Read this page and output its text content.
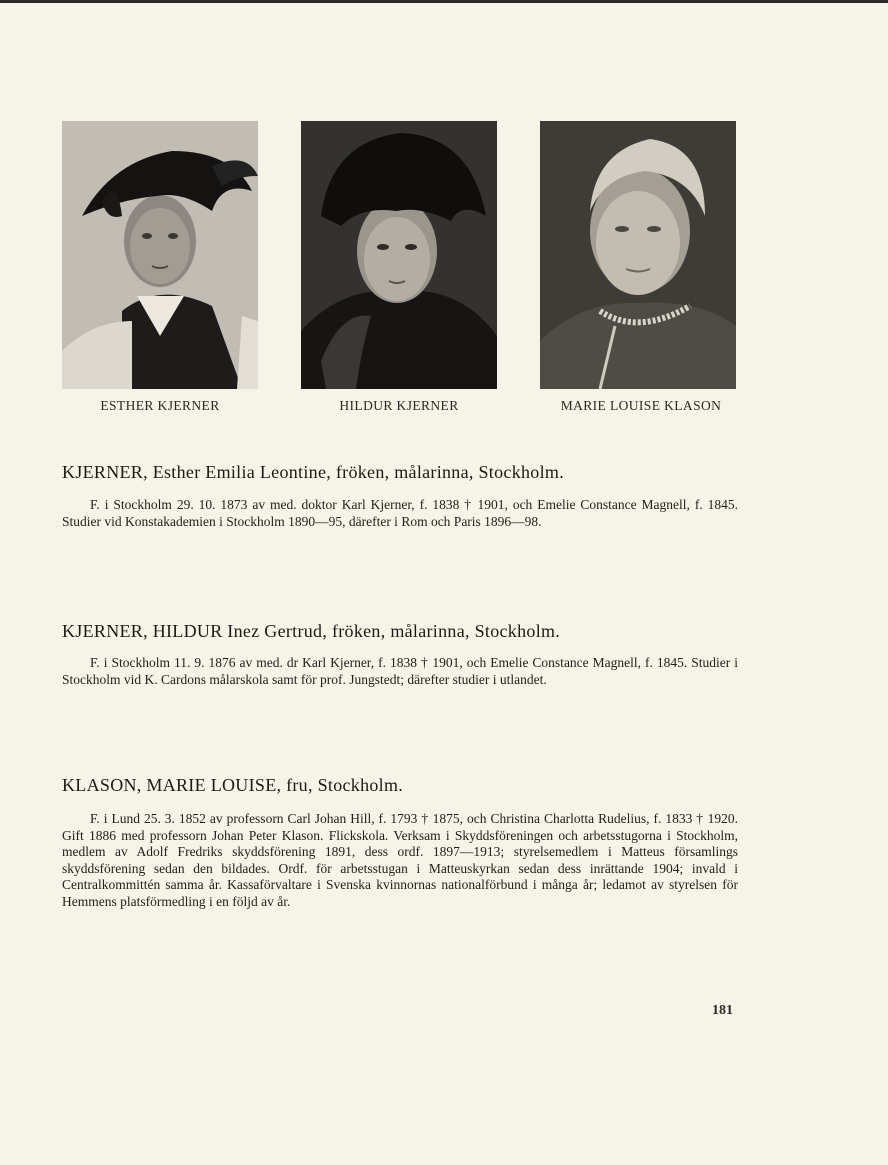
ESTHER KJERNER	HILDUR KJERNER	MARIE LOUISE KLASON
KJERNER, Esther Emilia Leontine, fröken, målarinna, Stockholm.

F. i Stockholm 29. 10. 1873 av med. doktor Karl Kjerner, f. 1838 † 1901, och Emelie Constance Magnell, f. 1845. Studier vid Konstakademien i Stockholm 1890—95, därefter i Rom och Paris 1896—98.

KJERNER, HILDUR Inez Gertrud, fröken, målarinna, Stockholm.

F. i Stockholm 11. 9. 1876 av med. dr Karl Kjerner, f. 1838 † 1901, och Emelie Constance Magnell, f. 1845. Studier i Stockholm vid K. Cardons målarskola samt för prof. Jungstedt; därefter studier i utlandet.

KLASON, MARIE LOUISE, fru, Stockholm.

F. i Lund 25. 3. 1852 av professorn Carl Johan Hill, f. 1793 † 1875, och Christina Charlotta Rudelius, f. 1833 † 1920. Gift 1886 med professorn Johan Peter Klason. Flickskola. Verksam i Skyddsföreningen och arbetsstugorna i Stockholm, medlem av Adolf Fredriks skyddsförening 1891, dess ordf. 1897—1913; styrelsemedlem i Matteus församlings skyddsförening sedan den bildades. Ordf. för arbetsstugan i Matteuskyrkan sedan dess inrättande 1904; invald i Centralkommittén samma år. Kassaförvaltare i Svenska kvinnornas nationalförbund i många år; ledamot av styrelsen för Hemmens platsförmedling i en följd av år.

181
